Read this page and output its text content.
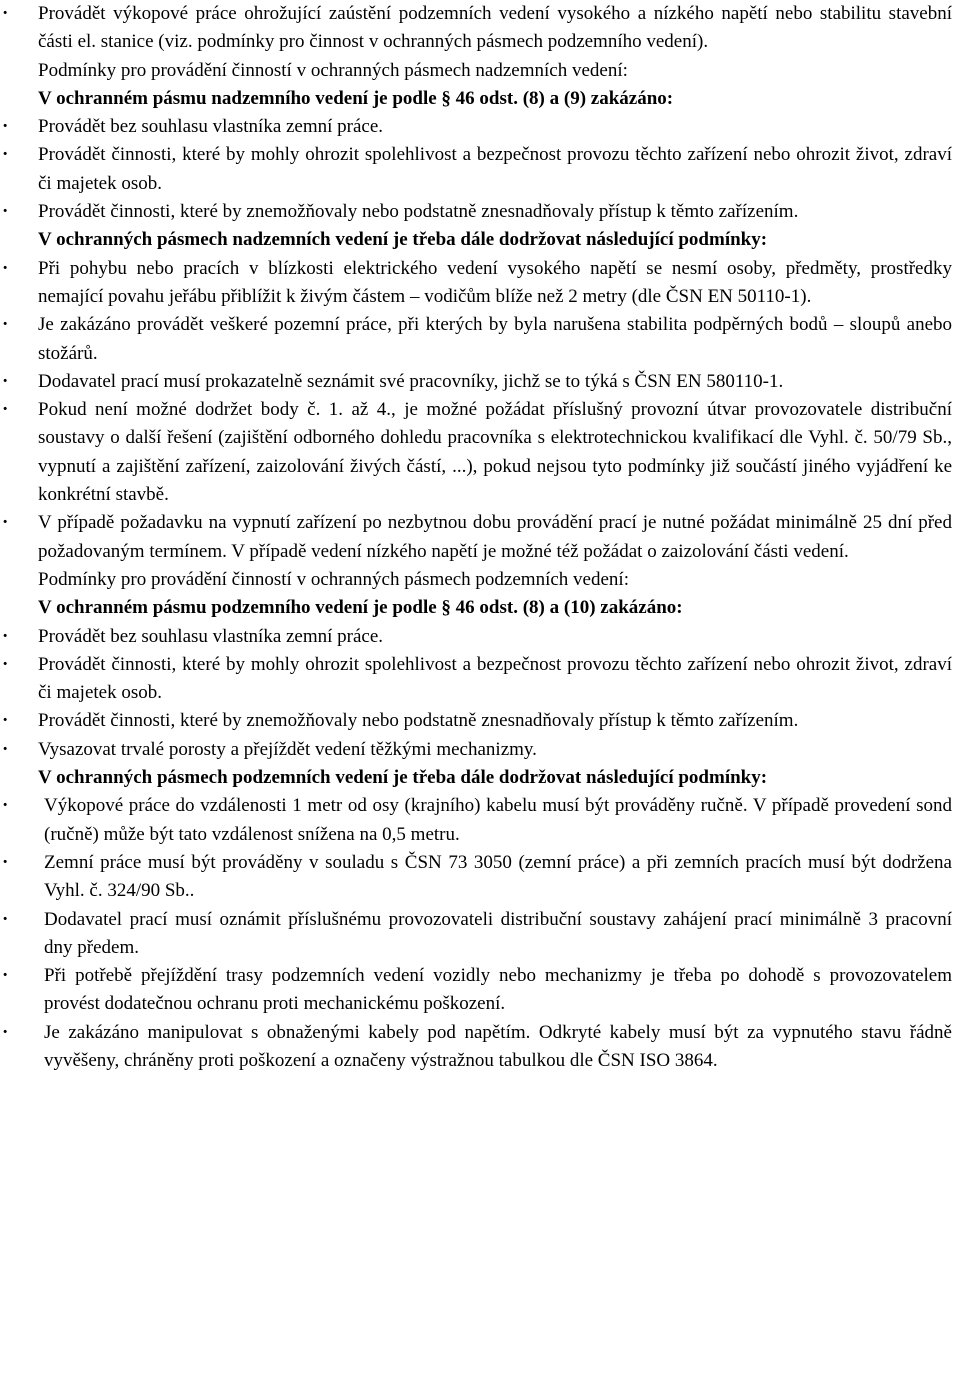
·	Provádět výkopové práce ohrožující zaústění podzemních vedení vysokého a nízkého napětí nebo stabilitu stavební části el. stanice (viz. podmínky pro činnost v ochranných pásmech podzemního vedení).
Podmínky pro provádění činností v ochranných pásmech nadzemních vedení:
V ochranném pásmu nadzemního vedení je podle § 46 odst. (8) a (9) zakázáno:
·	Provádět bez souhlasu vlastníka zemní práce.
·	Provádět činnosti, které by mohly ohrozit spolehlivost a bezpečnost provozu těchto zařízení nebo ohrozit život, zdraví či majetek osob.
·	Provádět činnosti, které by znemožňovaly nebo podstatně znesnadňovaly přístup k těmto zařízením.
V ochranných pásmech nadzemních vedení je třeba dále dodržovat následující podmínky:
·	Při pohybu nebo pracích v blízkosti elektrického vedení vysokého napětí se nesmí osoby, předměty, prostředky nemající povahu jeřábu přiblížit k živým částem – vodičům blíže než 2 metry (dle ČSN EN 50110-1).
·	Je zakázáno provádět veškeré pozemní práce, při kterých by byla narušena stabilita podpěrných bodů – sloupů anebo stožárů.
·	Dodavatel prací musí prokazatelně seznámit své pracovníky, jichž se to týká s ČSN EN 580110-1.
·	Pokud není možné dodržet body č. 1. až 4., je možné požádat příslušný provozní útvar provozovatele distribuční soustavy o další řešení (zajištění odborného dohledu pracovníka s elektrotechnickou kvalifikací dle Vyhl. č. 50/79 Sb., vypnutí a zajištění zařízení, zaizolování živých částí, ...), pokud nejsou tyto podmínky již součástí jiného vyjádření ke konkrétní stavbě.
·	V případě požadavku na vypnutí zařízení po nezbytnou dobu provádění prací je nutné požádat minimálně 25 dní před požadovaným termínem. V případě vedení nízkého napětí je možné též požádat o zaizolování části vedení.
Podmínky pro provádění činností v ochranných pásmech podzemních vedení:
V ochranném pásmu podzemního vedení je podle § 46 odst. (8) a (10) zakázáno:
·	Provádět bez souhlasu vlastníka zemní práce.
·	Provádět činnosti, které by mohly ohrozit spolehlivost a bezpečnost provozu těchto zařízení nebo ohrozit život, zdraví či majetek osob.
·	Provádět činnosti, které by znemožňovaly nebo podstatně znesnadňovaly přístup k těmto zařízením.
·	Vysazovat trvalé porosty a přejíždět vedení těžkými mechanizmy.
V ochranných pásmech podzemních vedení je třeba dále dodržovat následující podmínky:
·	Výkopové práce do vzdálenosti 1 metr od osy (krajního) kabelu musí být prováděny ručně. V případě provedení sond (ručně) může být tato vzdálenost snížena na 0,5 metru.
·	Zemní práce musí být prováděny v souladu s ČSN 73 3050 (zemní práce) a při zemních pracích musí být dodržena Vyhl. č. 324/90 Sb..
·	Dodavatel prací musí oznámit příslušnému provozovateli distribuční soustavy zahájení prací minimálně 3 pracovní dny předem.
·	Při potřebě přejíždění trasy podzemních vedení vozidly nebo mechanizmy je třeba po dohodě s provozovatelem provést dodatečnou ochranu proti mechanickému poškození.
·	Je zakázáno manipulovat s obnaženými kabely pod napětím. Odkryté kabely musí být za vypnutého stavu řádně vyvěšeny, chráněny proti poškození a označeny výstražnou tabulkou dle ČSN ISO 3864.
